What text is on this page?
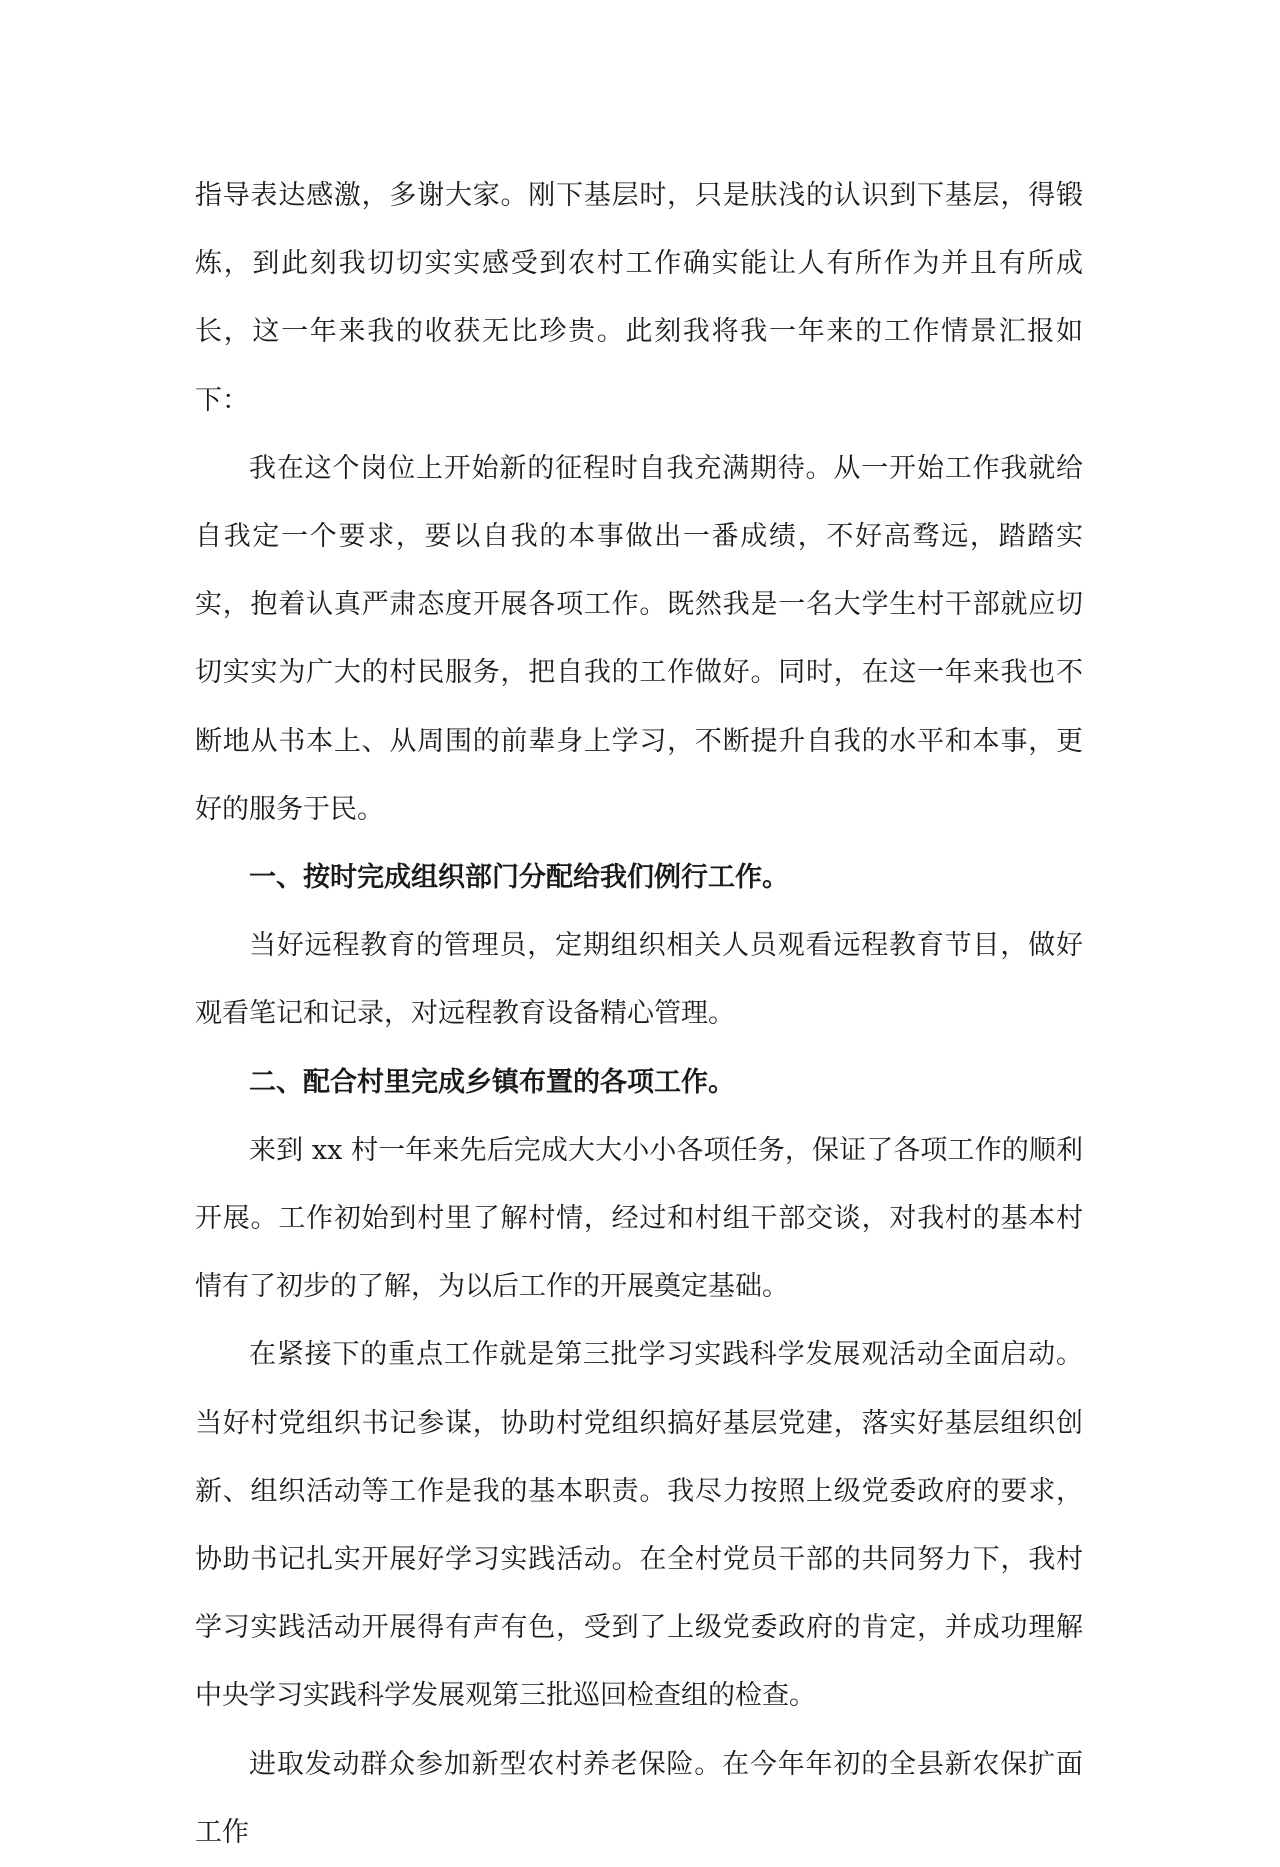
指导表达感激，多谢大家。刚下基层时，只是肤浅的认识到下基层，得锻炼，到此刻我切切实实感受到农村工作确实能让人有所作为并且有所成长，这一年来我的收获无比珍贵。此刻我将我一年来的工作情景汇报如下：

我在这个岗位上开始新的征程时自我充满期待。从一开始工作我就给自我定一个要求，要以自我的本事做出一番成绩，不好高骛远，踏踏实实，抱着认真严肃态度开展各项工作。既然我是一名大学生村干部就应切切实实为广大的村民服务，把自我的工作做好。同时，在这一年来我也不断地从书本上、从周围的前辈身上学习，不断提升自我的水平和本事，更好的服务于民。

一、按时完成组织部门分配给我们例行工作。

当好远程教育的管理员，定期组织相关人员观看远程教育节目，做好观看笔记和记录，对远程教育设备精心管理。

二、配合村里完成乡镇布置的各项工作。

来到 xx 村一年来先后完成大大小小各项任务，保证了各项工作的顺利开展。工作初始到村里了解村情，经过和村组干部交谈，对我村的基本村情有了初步的了解，为以后工作的开展奠定基础。

在紧接下的重点工作就是第三批学习实践科学发展观活动全面启动。当好村党组织书记参谋，协助村党组织搞好基层党建，落实好基层组织创新、组织活动等工作是我的基本职责。我尽力按照上级党委政府的要求，协助书记扎实开展好学习实践活动。在全村党员干部的共同努力下，我村学习实践活动开展得有声有色，受到了上级党委政府的肯定，并成功理解中央学习实践科学发展观第三批巡回检查组的检查。

进取发动群众参加新型农村养老保险。在今年年初的全县新农保扩面工作
